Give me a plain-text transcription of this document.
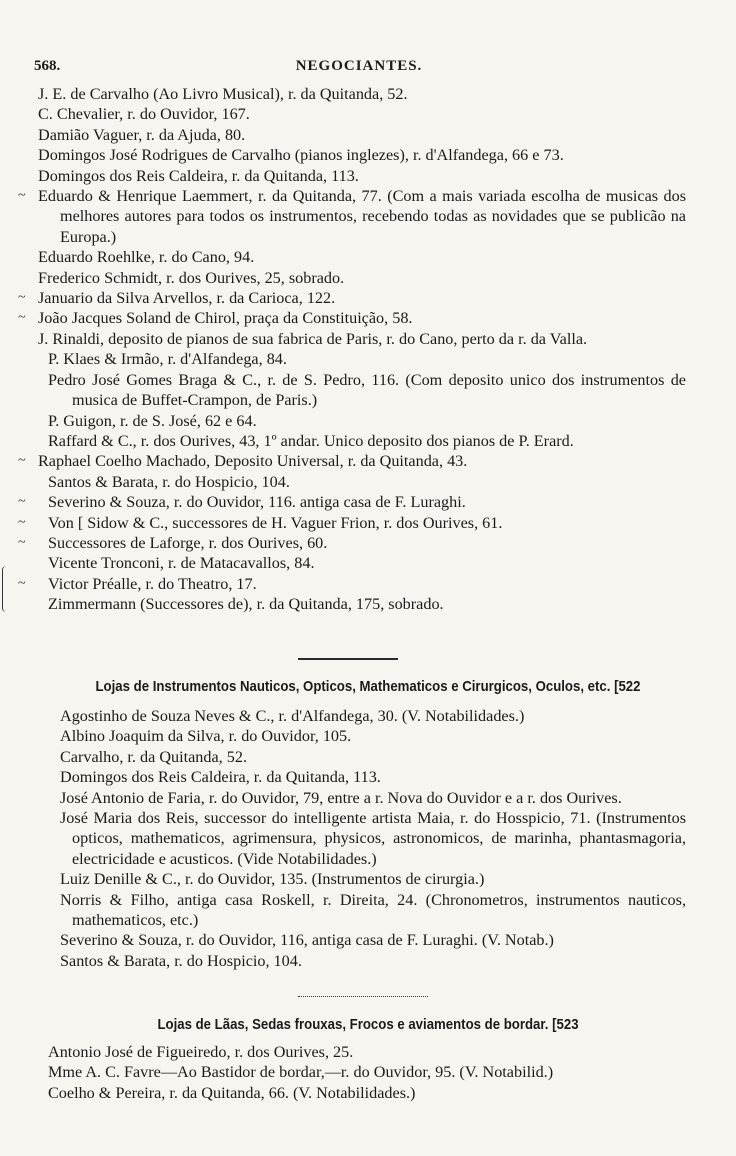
568.	NEGOCIANTES.

J. E. de Carvalho (Ao Livro Musical), r. da Quitanda, 52.

C. Chevalier, r. do Ouvidor, 167.

Damião Vaguer, r. da Ajuda, 80.

Domingos José Rodrigues de Carvalho (pianos inglezes), r. d'Alfandega, 66 e 73.

Domingos dos Reis Caldeira, r. da Quitanda, 113.

~ Eduardo & Henrique Laemmert, r. da Quitanda, 77. (Com a mais variada escolha de musicas dos melhores autores para todos os instrumentos, recebendo todas as novidades que se publicão na Europa.)

Eduardo Roehlke, r. do Cano, 94.

Frederico Schmidt, r. dos Ourives, 25, sobrado.

~ Januario da Silva Arvellos, r. da Carioca, 122.

~ João Jacques Soland de Chirol, praça da Constituição, 58.

J. Rinaldi, deposito de pianos de sua fabrica de Paris, r. do Cano, perto da r. da Valla.

P. Klaes & Irmão, r. d'Alfandega, 84.

Pedro José Gomes Braga & C., r. de S. Pedro, 116. (Com deposito unico dos instrumentos de musica de Buffet-Crampon, de Paris.)

P. Guigon, r. de S. José, 62 e 64.

Raffard & C., r. dos Ourives, 43, 1º andar. Unico deposito dos pianos de P. Erard.

~ Raphael Coelho Machado, Deposito Universal, r. da Quitanda, 43.

Santos & Barata, r. do Hospicio, 104.

~ Severino & Souza, r. do Ouvidor, 116. antiga casa de F. Luraghi.

~ Von [ Sidow & C., successores de H. Vaguer Frion, r. dos Ourives, 61.

~ Successores de Laforge, r. dos Ourives, 60.

Vicente Tronconi, r. de Matacavallos, 84.

~ Victor Préalle, r. do Theatro, 17.

Zimmermann (Successores de), r. da Quitanda, 175, sobrado.

Lojas de Instrumentos Nauticos, Opticos, Mathematicos e Cirurgicos, Oculos, etc. [522

Agostinho de Souza Neves & C., r. d'Alfandega, 30. (V. Notabilidades.)

Albino Joaquim da Silva, r. do Ouvidor, 105.

Carvalho, r. da Quitanda, 52.

Domingos dos Reis Caldeira, r. da Quitanda, 113.

José Antonio de Faria, r. do Ouvidor, 79, entre a r. Nova do Ouvidor e a r. dos Ourives.

José Maria dos Reis, successor do intelligente artista Maia, r. do Hosspicio, 71. (Instrumentos opticos, mathematicos, agrimensura, physicos, astronomicos, de marinha, phantasmagoria, electricidade e acusticos. (Vide Notabilidades.)

Luiz Denille & C., r. do Ouvidor, 135. (Instrumentos de cirurgia.)

Norris & Filho, antiga casa Roskell, r. Direita, 24. (Chronometros, instrumentos nauticos, mathematicos, etc.)

Severino & Souza, r. do Ouvidor, 116, antiga casa de F. Luraghi. (V. Notab.)

Santos & Barata, r. do Hospicio, 104.

Lojas de Lãas, Sedas frouxas, Frocos e aviamentos de bordar. [523

Antonio José de Figueiredo, r. dos Ourives, 25.

Mme A. C. Favre—Ao Bastidor de bordar,—r. do Ouvidor, 95. (V. Notabilid.)

Coelho & Pereira, r. da Quitanda, 66. (V. Notabilidades.)
